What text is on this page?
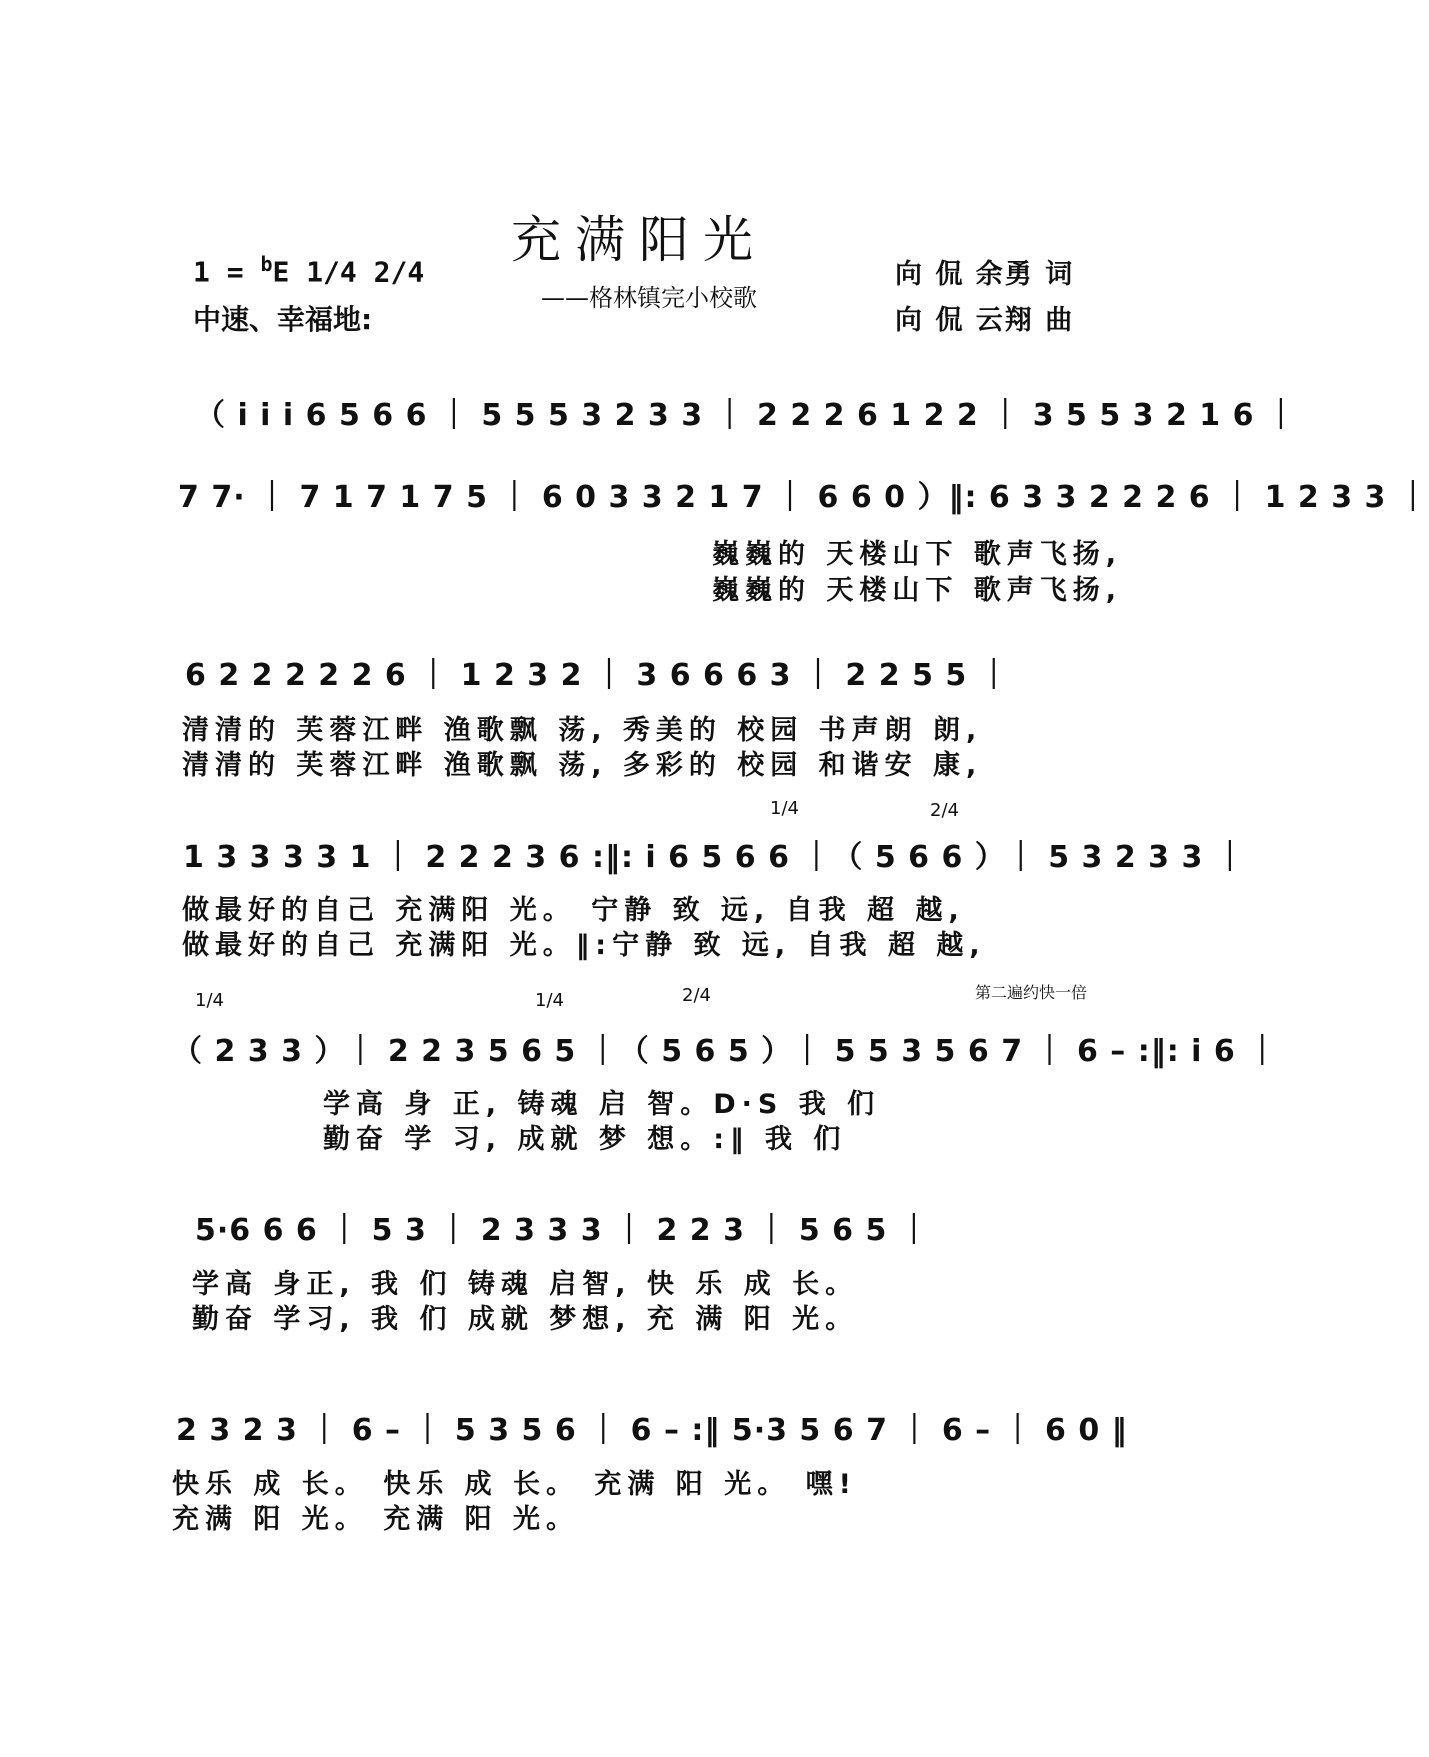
充满阳光
——格林镇完小校歌
1 = $^b$E 1/4 2/4
中速、幸福地:
向 侃 余勇 词
向 侃 云翔 曲
（ i i i 6 5 6 6 ｜ 5 5 5 3 2 3 3 ｜ 2 2 2 6 1 2 2 ｜ 3 5 5 3 2 1 6 ｜
7 7· ｜ 7 1 7 1 7 5 ｜ 6 0 3 3 2 1 7 ｜ 6 6 0 ）‖: 6 3 3 2 2 2 6 ｜ 1 2 3 3 ｜
巍巍的 天楼山下 歌声飞扬,
巍巍的 天楼山下 歌声飞扬,
6 2 2 2 2 2 6 ｜ 1 2 3 2 ｜ 3 6 6 6 3 ｜ 2 2 5 5 ｜
清清的 芙蓉江畔 渔歌飘 荡, 秀美的 校园 书声朗 朗,
清清的 芙蓉江畔 渔歌飘 荡, 多彩的 校园 和谐安 康,
1/4	2/4
1 3 3 3 3 1 ｜ 2 2 2 3 6 :‖: i 6 5 6 6 ｜（ 5 6 6 ）｜ 5 3 2 3 3 ｜
做最好的自己 充满阳 光。 宁静 致 远, 自我 超 越,
做最好的自己 充满阳 光。‖:宁静 致 远, 自我 超 越,
1/4	1/4	2/4	第二遍约快一倍
（ 2 3 3 ）｜ 2 2 3 5 6 5 ｜（ 5 6 5 ）｜ 5 5 3 5 6 7 ｜ 6 – :‖: i 6 ｜
学高 身 正, 铸魂 启 智。D·S 我 们
勤奋 学 习, 成就 梦 想。:‖ 我 们
5·6 6 6 ｜ 5 3 ｜ 2 3 3 3 ｜ 2 2 3 ｜ 5 6 5 ｜
学高 身正, 我 们 铸魂 启智, 快 乐 成 长。
勤奋 学习, 我 们 成就 梦想, 充 满 阳 光。
2 3 2 3 ｜ 6 – ｜ 5 3 5 6 ｜ 6 – :‖ 5·3 5 6 7 ｜ 6 – ｜ 6 0 ‖
快乐 成 长。 快乐 成 长。 充满 阳 光。 嘿!
充满 阳 光。 充满 阳 光。
